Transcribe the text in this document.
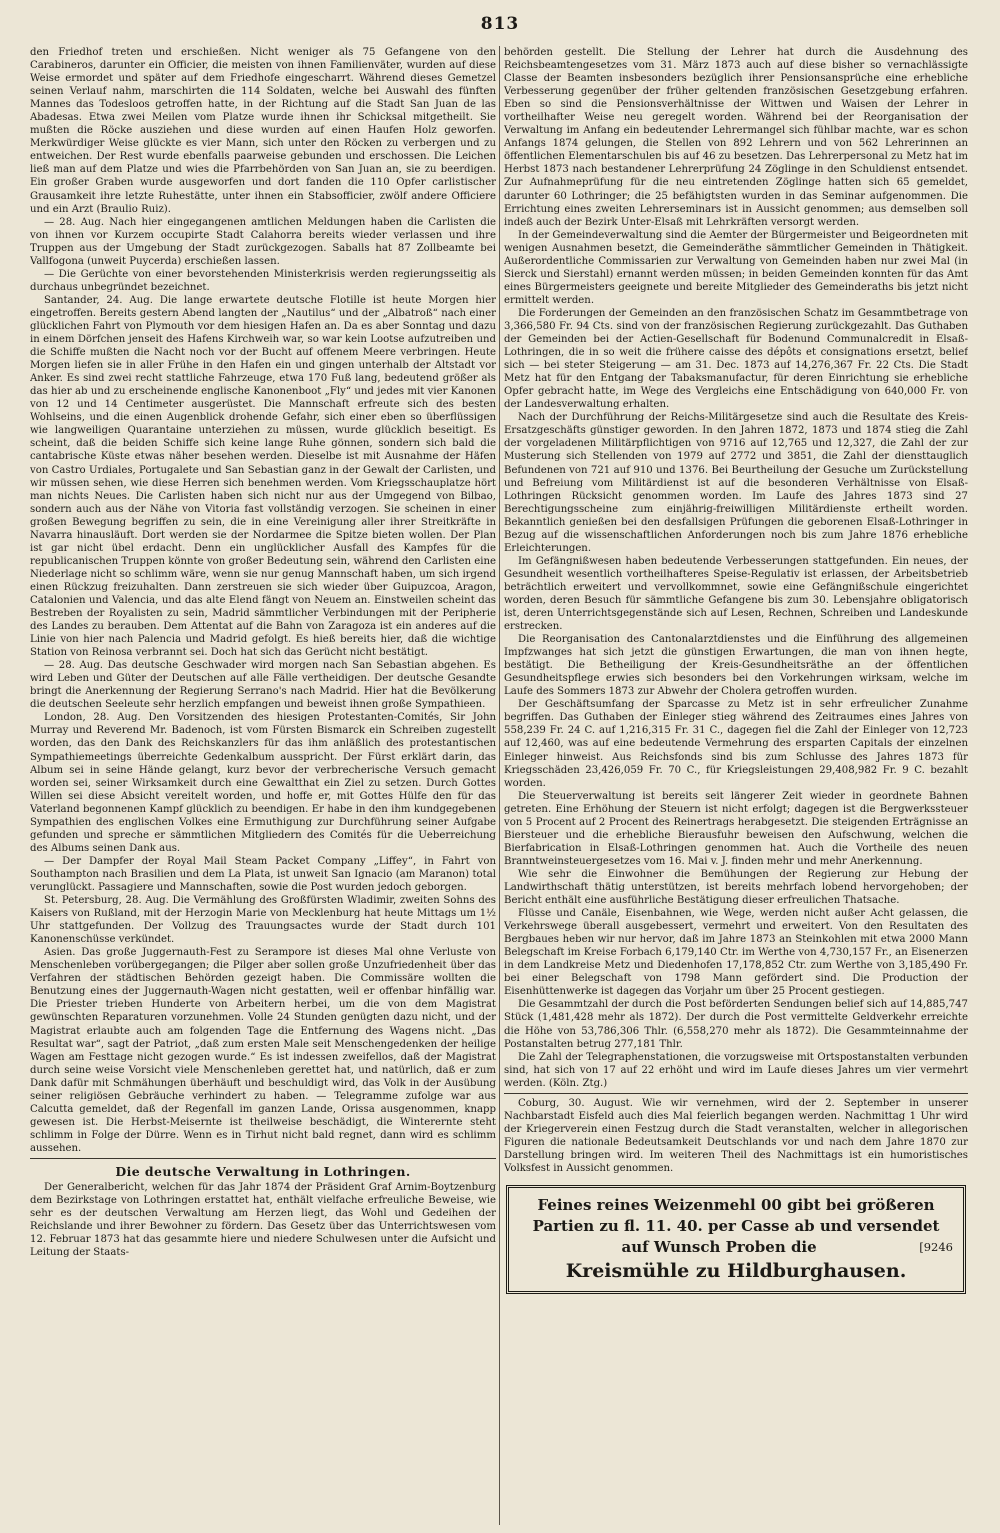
813

den Friedhof treten und erschießen. Nicht weniger als 75 Gefangene von den Carabineros, darunter ein Officier, die meisten von ihnen Familienväter, wurden auf diese Weise ermordet und später auf dem Friedhofe eingescharrt. Während dieses Gemetzel seinen Verlauf nahm, marschirten die 114 Soldaten, welche bei Auswahl des fünften Mannes das Todesloos getroffen hatte, in der Richtung auf die Stadt San Juan de las Abadesas. Etwa zwei Meilen vom Platze wurde ihnen ihr Schicksal mitgetheilt. Sie mußten die Röcke ausziehen und diese wurden auf einen Haufen Holz geworfen. Merkwürdiger Weise glückte es vier Mann, sich unter den Röcken zu verbergen und zu entweichen. Der Rest wurde ebenfalls paarweise gebunden und erschossen. Die Leichen ließ man auf dem Platze und wies die Pfarrbehörden von San Juan an, sie zu beerdigen. Ein großer Graben wurde ausgeworfen und dort fanden die 110 Opfer carlistischer Grausamkeit ihre letzte Ruhestätte, unter ihnen ein Stabsofficier, zwölf andere Officiere und ein Arzt (Braulio Ruiz).

— 28. Aug. Nach hier eingegangenen amtlichen Meldungen haben die Carlisten die von ihnen vor Kurzem occupirte Stadt Calahorra bereits wieder verlassen und ihre Truppen aus der Umgebung der Stadt zurückgezogen. Saballs hat 87 Zollbeamte bei Vallfogona (unweit Puycerda) erschießen lassen.

— Die Gerüchte von einer bevorstehenden Ministerkrisis werden regierungsseitig als durchaus unbegründet bezeichnet.

Santander, 24. Aug. Die lange erwartete deutsche Flotille ist heute Morgen hier eingetroffen. Bereits gestern Abend langten der „Nautilus“ und der „Albatroß“ nach einer glücklichen Fahrt von Plymouth vor dem hiesigen Hafen an. Da es aber Sonntag und dazu in einem Dörfchen jenseit des Hafens Kirchweih war, so war kein Lootse aufzutreiben und die Schiffe mußten die Nacht noch vor der Bucht auf offenem Meere verbringen. Heute Morgen liefen sie in aller Frühe in den Hafen ein und gingen unterhalb der Altstadt vor Anker. Es sind zwei recht stattliche Fahrzeuge, etwa 170 Fuß lang, bedeutend größer als das hier ab und zu erscheinende englische Kanonenboot „Fly“ und jedes mit vier Kanonen von 12 und 14 Centimeter ausgerüstet. Die Mannschaft erfreute sich des besten Wohlseins, und die einen Augenblick drohende Gefahr, sich einer eben so überflüssigen wie langweiligen Quarantaine unterziehen zu müssen, wurde glücklich beseitigt. Es scheint, daß die beiden Schiffe sich keine lange Ruhe gönnen, sondern sich bald die cantabrische Küste etwas näher besehen werden. Dieselbe ist mit Ausnahme der Häfen von Castro Urdiales, Portugalete und San Sebastian ganz in der Gewalt der Carlisten, und wir müssen sehen, wie diese Herren sich benehmen werden. Vom Kriegsschauplatze hört man nichts Neues. Die Carlisten haben sich nicht nur aus der Umgegend von Bilbao, sondern auch aus der Nähe von Vitoria fast vollständig verzogen. Sie scheinen in einer großen Bewegung begriffen zu sein, die in eine Vereinigung aller ihrer Streitkräfte in Navarra hinausläuft. Dort werden sie der Nordarmee die Spitze bieten wollen. Der Plan ist gar nicht übel erdacht. Denn ein unglücklicher Ausfall des Kampfes für die republicanischen Truppen könnte von großer Bedeutung sein, während den Carlisten eine Niederlage nicht so schlimm wäre, wenn sie nur genug Mannschaft haben, um sich irgend einen Rückzug freizuhalten. Dann zerstreuen sie sich wieder über Guipuzcoa, Aragon, Catalonien und Valencia, und das alte Elend fängt von Neuem an. Einstweilen scheint das Bestreben der Royalisten zu sein, Madrid sämmtlicher Verbindungen mit der Peripherie des Landes zu berauben. Dem Attentat auf die Bahn von Zaragoza ist ein anderes auf die Linie von hier nach Palencia und Madrid gefolgt. Es hieß bereits hier, daß die wichtige Station von Reinosa verbrannt sei. Doch hat sich das Gerücht nicht bestätigt.

— 28. Aug. Das deutsche Geschwader wird morgen nach San Sebastian abgehen. Es wird Leben und Güter der Deutschen auf alle Fälle vertheidigen. Der deutsche Gesandte bringt die Anerkennung der Regierung Serrano's nach Madrid. Hier hat die Bevölkerung die deutschen Seeleute sehr herzlich empfangen und beweist ihnen große Sympathieen.

London, 28. Aug. Den Vorsitzenden des hiesigen Protestanten-Comités, Sir John Murray und Reverend Mr. Badenoch, ist vom Fürsten Bismarck ein Schreiben zugestellt worden, das den Dank des Reichskanzlers für das ihm anläßlich des protestantischen Sympathiemeetings überreichte Gedenkalbum ausspricht. Der Fürst erklärt darin, das Album sei in seine Hände gelangt, kurz bevor der verbrecherische Versuch gemacht worden sei, seiner Wirksamkeit durch eine Gewaltthat ein Ziel zu setzen. Durch Gottes Willen sei diese Absicht vereitelt worden, und hoffe er, mit Gottes Hülfe den für das Vaterland begonnenen Kampf glücklich zu beendigen. Er habe in den ihm kundgegebenen Sympathien des englischen Volkes eine Ermuthigung zur Durchführung seiner Aufgabe gefunden und spreche er sämmtlichen Mitgliedern des Comités für die Ueberreichung des Albums seinen Dank aus.

— Der Dampfer der Royal Mail Steam Packet Company „Liffey“, in Fahrt von Southampton nach Brasilien und dem La Plata, ist unweit San Ignacio (am Maranon) total verunglückt. Passagiere und Mannschaften, sowie die Post wurden jedoch geborgen.

St. Petersburg, 28. Aug. Die Vermählung des Großfürsten Wladimir, zweiten Sohns des Kaisers von Rußland, mit der Herzogin Marie von Mecklenburg hat heute Mittags um 1½ Uhr stattgefunden. Der Vollzug des Trauungsactes wurde der Stadt durch 101 Kanonenschüsse verkündet.

Asien. Das große Juggernauth-Fest zu Serampore ist dieses Mal ohne Verluste von Menschenleben vorübergegangen; die Pilger aber sollen große Unzufriedenheit über das Verfahren der städtischen Behörden gezeigt haben. Die Commissäre wollten die Benutzung eines der Juggernauth-Wagen nicht gestatten, weil er offenbar hinfällig war. Die Priester trieben Hunderte von Arbeitern herbei, um die von dem Magistrat gewünschten Reparaturen vorzunehmen. Volle 24 Stunden genügten dazu nicht, und der Magistrat erlaubte auch am folgenden Tage die Entfernung des Wagens nicht. „Das Resultat war“, sagt der Patriot, „daß zum ersten Male seit Menschengedenken der heilige Wagen am Festtage nicht gezogen wurde.“ Es ist indessen zweifellos, daß der Magistrat durch seine weise Vorsicht viele Menschenleben gerettet hat, und natürlich, daß er zum Dank dafür mit Schmähungen überhäuft und beschuldigt wird, das Volk in der Ausübung seiner religiösen Gebräuche verhindert zu haben. — Telegramme zufolge war aus Calcutta gemeldet, daß der Regenfall im ganzen Lande, Orissa ausgenommen, knapp gewesen ist. Die Herbst-Meisernte ist theilweise beschädigt, die Winterernte steht schlimm in Folge der Dürre. Wenn es in Tirhut nicht bald regnet, dann wird es schlimm aussehen.

Die deutsche Verwaltung in Lothringen.

Der Generalbericht, welchen für das Jahr 1874 der Präsident Graf Arnim-Boytzenburg dem Bezirkstage von Lothringen erstattet hat, enthält vielfache erfreuliche Beweise, wie sehr es der deutschen Verwaltung am Herzen liegt, das Wohl und Gedeihen der Reichslande und ihrer Bewohner zu fördern. Das Gesetz über das Unterrichtswesen vom 12. Februar 1873 hat das gesammte hiere und niedere Schulwesen unter die Aufsicht und Leitung der Staats-

behörden gestellt. Die Stellung der Lehrer hat durch die Ausdehnung des Reichsbeamtengesetzes vom 31. März 1873 auch auf diese bisher so vernachlässigte Classe der Beamten insbesonders bezüglich ihrer Pensionsansprüche eine erhebliche Verbesserung gegenüber der früher geltenden französischen Gesetzgebung erfahren. Eben so sind die Pensionsverhältnisse der Wittwen und Waisen der Lehrer in vortheilhafter Weise neu geregelt worden. Während bei der Reorganisation der Verwaltung im Anfang ein bedeutender Lehrermangel sich fühlbar machte, war es schon Anfangs 1874 gelungen, die Stellen von 892 Lehrern und von 562 Lehrerinnen an öffentlichen Elementarschulen bis auf 46 zu besetzen. Das Lehrerpersonal zu Metz hat im Herbst 1873 nach bestandener Lehrerprüfung 24 Zöglinge in den Schuldienst entsendet. Zur Aufnahmeprüfung für die neu eintretenden Zöglinge hatten sich 65 gemeldet, darunter 60 Lothringer; die 25 befähigtsten wurden in das Seminar aufgenommen. Die Errichtung eines zweiten Lehrerseminars ist in Aussicht genommen; aus demselben soll indeß auch der Bezirk Unter-Elsaß mit Lehrkräften versorgt werden.

In der Gemeindeverwaltung sind die Aemter der Bürgermeister und Beigeordneten mit wenigen Ausnahmen besetzt, die Gemeinderäthe sämmtlicher Gemeinden in Thätigkeit. Außerordentliche Commissarien zur Verwaltung von Gemeinden haben nur zwei Mal (in Sierck und Sierstahl) ernannt werden müssen; in beiden Gemeinden konnten für das Amt eines Bürgermeisters geeignete und bereite Mitglieder des Gemeinderaths bis jetzt nicht ermittelt werden.

Die Forderungen der Gemeinden an den französischen Schatz im Gesammtbetrage von 3,366,580 Fr. 94 Cts. sind von der französischen Regierung zurückgezahlt. Das Guthaben der Gemeinden bei der Actien-Gesellschaft für Bodenund Communalcredit in Elsaß-Lothringen, die in so weit die frühere caisse des dépôts et consignations ersetzt, belief sich — bei steter Steigerung — am 31. Dec. 1873 auf 14,276,367 Fr. 22 Cts. Die Stadt Metz hat für den Entgang der Tabaksmanufactur, für deren Einrichtung sie erhebliche Opfer gebracht hatte, im Wege des Vergleichs eine Entschädigung von 640,000 Fr. von der Landesverwaltung erhalten.

Nach der Durchführung der Reichs-Militärgesetze sind auch die Resultate des Kreis-Ersatzgeschäfts günstiger geworden. In den Jahren 1872, 1873 und 1874 stieg die Zahl der vorgeladenen Militärpflichtigen von 9716 auf 12,765 und 12,327, die Zahl der zur Musterung sich Stellenden von 1979 auf 2772 und 3851, die Zahl der diensttauglich Befundenen von 721 auf 910 und 1376. Bei Beurtheilung der Gesuche um Zurückstellung und Befreiung vom Militärdienst ist auf die besonderen Verhältnisse von Elsaß-Lothringen Rücksicht genommen worden. Im Laufe des Jahres 1873 sind 27 Berechtigungsscheine zum einjährig-freiwilligen Militärdienste ertheilt worden. Bekanntlich genießen bei den desfallsigen Prüfungen die geborenen Elsaß-Lothringer in Bezug auf die wissenschaftlichen Anforderungen noch bis zum Jahre 1876 erhebliche Erleichterungen.

Im Gefängnißwesen haben bedeutende Verbesserungen stattgefunden. Ein neues, der Gesundheit wesentlich vortheilhafteres Speise-Regulativ ist erlassen, der Arbeitsbetrieb beträchtlich erweitert und vervollkommnet, sowie eine Gefängnißschule eingerichtet worden, deren Besuch für sämmtliche Gefangene bis zum 30. Lebensjahre obligatorisch ist, deren Unterrichtsgegenstände sich auf Lesen, Rechnen, Schreiben und Landeskunde erstrecken.

Die Reorganisation des Cantonalarztdienstes und die Einführung des allgemeinen Impfzwanges hat sich jetzt die günstigen Erwartungen, die man von ihnen hegte, bestätigt. Die Betheiligung der Kreis-Gesundheitsräthe an der öffentlichen Gesundheitspflege erwies sich besonders bei den Vorkehrungen wirksam, welche im Laufe des Sommers 1873 zur Abwehr der Cholera getroffen wurden.

Der Geschäftsumfang der Sparcasse zu Metz ist in sehr erfreulicher Zunahme begriffen. Das Guthaben der Einleger stieg während des Zeitraumes eines Jahres von 558,239 Fr. 24 C. auf 1,216,315 Fr. 31 C., dagegen fiel die Zahl der Einleger von 12,723 auf 12,460, was auf eine bedeutende Vermehrung des ersparten Capitals der einzelnen Einleger hinweist. Aus Reichsfonds sind bis zum Schlusse des Jahres 1873 für Kriegsschäden 23,426,059 Fr. 70 C., für Kriegsleistungen 29,408,982 Fr. 9 C. bezahlt worden.

Die Steuerverwaltung ist bereits seit längerer Zeit wieder in geordnete Bahnen getreten. Eine Erhöhung der Steuern ist nicht erfolgt; dagegen ist die Bergwerkssteuer von 5 Procent auf 2 Procent des Reinertrags herabgesetzt. Die steigenden Erträgnisse an Biersteuer und die erhebliche Bierausfuhr beweisen den Aufschwung, welchen die Bierfabrication in Elsaß-Lothringen genommen hat. Auch die Vortheile des neuen Branntweinsteuergesetzes vom 16. Mai v. J. finden mehr und mehr Anerkennung.

Wie sehr die Einwohner die Bemühungen der Regierung zur Hebung der Landwirthschaft thätig unterstützen, ist bereits mehrfach lobend hervorgehoben; der Bericht enthält eine ausführliche Bestätigung dieser erfreulichen Thatsache.

Flüsse und Canäle, Eisenbahnen, wie Wege, werden nicht außer Acht gelassen, die Verkehrswege überall ausgebessert, vermehrt und erweitert. Von den Resultaten des Bergbaues heben wir nur hervor, daß im Jahre 1873 an Steinkohlen mit etwa 2000 Mann Belegschaft im Kreise Forbach 6,179,140 Ctr. im Werthe von 4,730,157 Fr., an Eisenerzen in dem Landkreise Metz und Diedenhofen 17,178,852 Ctr. zum Werthe von 3,185,490 Fr. bei einer Belegschaft von 1798 Mann gefördert sind. Die Production der Eisenhüttenwerke ist dagegen das Vorjahr um über 25 Procent gestiegen.

Die Gesammtzahl der durch die Post beförderten Sendungen belief sich auf 14,885,747 Stück (1,481,428 mehr als 1872). Der durch die Post vermittelte Geldverkehr erreichte die Höhe von 53,786,306 Thlr. (6,558,270 mehr als 1872). Die Gesammteinnahme der Postanstalten betrug 277,181 Thlr.

Die Zahl der Telegraphenstationen, die vorzugsweise mit Ortspostanstalten verbunden sind, hat sich von 17 auf 22 erhöht und wird im Laufe dieses Jahres um vier vermehrt werden. (Köln. Ztg.)

Coburg, 30. August. Wie wir vernehmen, wird der 2. September in unserer Nachbarstadt Eisfeld auch dies Mal feierlich begangen werden. Nachmittag 1 Uhr wird der Kriegerverein einen Festzug durch die Stadt veranstalten, welcher in allegorischen Figuren die nationale Bedeutsamkeit Deutschlands vor und nach dem Jahre 1870 zur Darstellung bringen wird. Im weiteren Theil des Nachmittags ist ein humoristisches Volksfest in Aussicht genommen.

Feines reines Weizenmehl 00 gibt bei größeren
Partien zu fl. 11. 40. per Casse ab und versendet
[9246
auf Wunsch Proben die
Kreismühle zu Hildburghausen.
